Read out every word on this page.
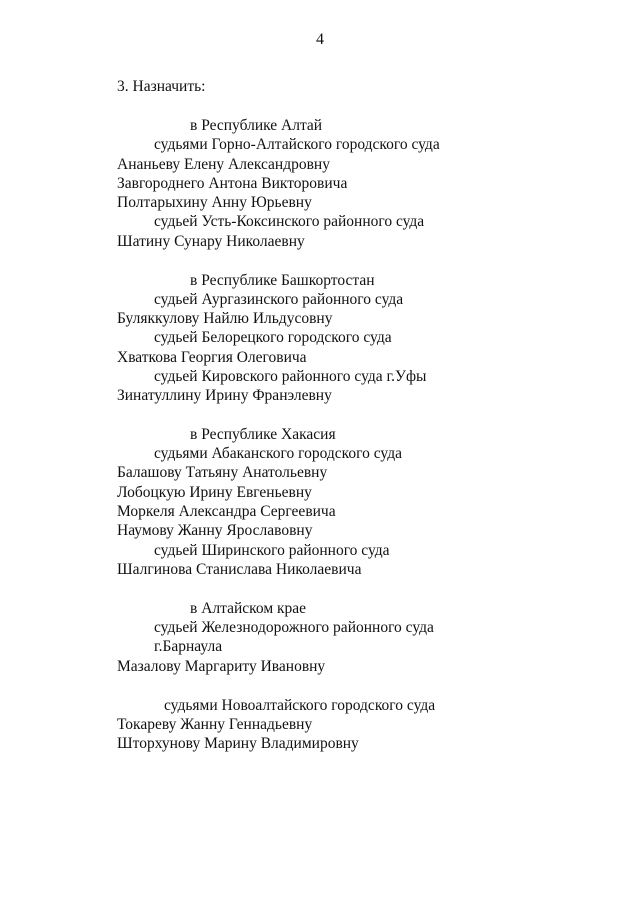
4
3. Назначить:
в Республике Алтай
судьями Горно-Алтайского городского суда
Ананьеву Елену Александровну
Завгороднего Антона Викторовича
Полтарыхину Анну Юрьевну
судьей Усть-Коксинского районного суда
Шатину Сунару Николаевну
в Республике Башкортостан
судьей Аургазинского районного суда
Буляккулову Найлю Ильдусовну
судьей Белорецкого городского суда
Хваткова Георгия Олеговича
судьей Кировского районного суда г.Уфы
Зинатуллину Ирину Франэлевну
в Республике Хакасия
судьями Абаканского городского суда
Балашову Татьяну Анатольевну
Лобоцкую Ирину Евгеньевну
Моркеля Александра Сергеевича
Наумову Жанну Ярославовну
судьей Ширинского районного суда
Шалгинова Станислава Николаевича
в Алтайском крае
судьей Железнодорожного районного суда
г.Барнаула
Мазалову Маргариту Ивановну
судьями Новоалтайского городского суда
Токареву Жанну Геннадьевну
Шторхунову Марину Владимировну
